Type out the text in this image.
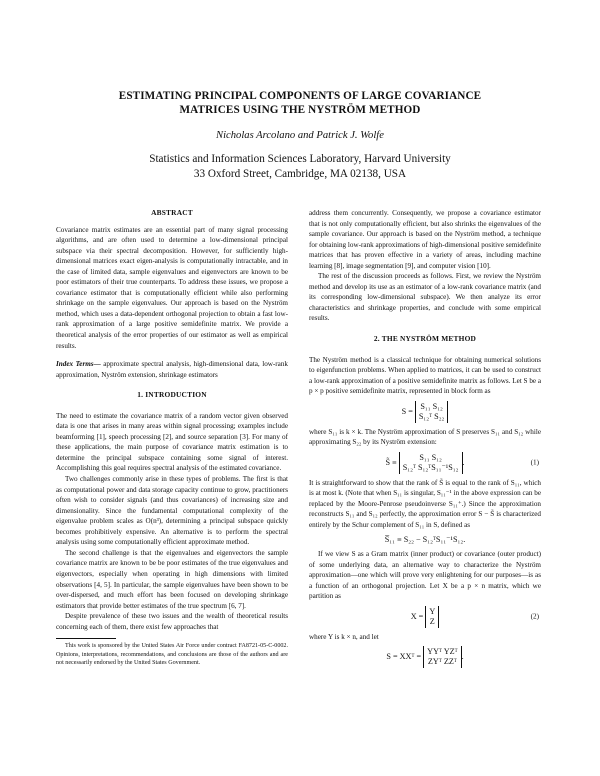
ESTIMATING PRINCIPAL COMPONENTS OF LARGE COVARIANCE
MATRICES USING THE NYSTRÖM METHOD
Nicholas Arcolano and Patrick J. Wolfe
Statistics and Information Sciences Laboratory, Harvard University
33 Oxford Street, Cambridge, MA 02138, USA
ABSTRACT

Covariance matrix estimates are an essential part of many signal processing algorithms, and are often used to determine a low-dimensional principal subspace via their spectral decomposition. However, for sufficiently high-dimensional matrices exact eigen-analysis is computationally intractable, and in the case of limited data, sample eigenvalues and eigenvectors are known to be poor estimators of their true counterparts. To address these issues, we propose a covariance estimator that is computationally efficient while also performing shrinkage on the sample eigenvalues. Our approach is based on the Nyström method, which uses a data-dependent orthogonal projection to obtain a fast low-rank approximation of a large positive semidefinite matrix. We provide a theoretical analysis of the error properties of our estimator as well as empirical results.

Index Terms— approximate spectral analysis, high-dimensional data, low-rank approximation, Nyström extension, shrinkage estimators

1. INTRODUCTION

The need to estimate the covariance matrix of a random vector given observed data is one that arises in many areas within signal processing; examples include beamforming [1], speech processing [2], and source separation [3]. For many of these applications, the main purpose of covariance matrix estimation is to determine the principal subspace containing some signal of interest. Accomplishing this goal requires spectral analysis of the estimated covariance.

Two challenges commonly arise in these types of problems. The first is that as computational power and data storage capacity continue to grow, practitioners often wish to consider signals (and thus covariances) of increasing size and dimensionality. Since the fundamental computational complexity of the eigenvalue problem scales as O(n³), determining a principal subspace quickly becomes prohibitively expensive. An alternative is to perform the spectral analysis using some computationally efficient approximate method.

The second challenge is that the eigenvalues and eigenvectors the sample covariance matrix are known to be be poor estimates of the true eigenvalues and eigenvectors, especially when operating in high dimensions with limited observations [4, 5]. In particular, the sample eigenvalues have been shown to be over-dispersed, and much effort has been focused on developing shrinkage estimators that provide better estimates of the true spectrum [6, 7].

Despite prevalence of these two issues and the wealth of theoretical results concerning each of them, there exist few approaches that

This work is sponsored by the United States Air Force under contract FA8721-05-C-0002. Opinions, interpretations, recommendations, and conclusions are those of the authors and are not necessarily endorsed by the United States Government.

address them concurrently. Consequently, we propose a covariance estimator that is not only computationally efficient, but also shrinks the eigenvalues of the sample covariance. Our approach is based on the Nyström method, a technique for obtaining low-rank approximations of high-dimensional positive semidefinite matrices that has proven effective in a variety of areas, including machine learning [8], image segmentation [9], and computer vision [10].

The rest of the discussion proceeds as follows. First, we review the Nyström method and develop its use as an estimator of a low-rank covariance matrix (and its corresponding low-dimensional subspace). We then analyze its error characteristics and shrinkage properties, and conclude with some empirical results.

2. THE NYSTRÖM METHOD

The Nyström method is a classical technique for obtaining numerical solutions to eigenfunction problems. When applied to matrices, it can be used to construct a low-rank approximation of a positive semidefinite matrix as follows. Let S be a p × p positive semidefinite matrix, represented in block form as

S =
S₁₁ S₁₂
S₁₂ᵀ S₂₂

where S₁₁ is k × k. The Nyström approximation of S preserves S₁₁ and S₁₂ while approximating S₂₂ by its Nyström extension:

S̃ ≡
S₁₁ S₁₂
S₁₂ᵀ S₁₂ᵀS₁₁⁻¹S₁₂
.	(1)

It is straightforward to show that the rank of S̃ is equal to the rank of S₁₁, which is at most k. (Note that when S₁₁ is singular, S₁₁⁻¹ in the above expression can be replaced by the Moore-Penrose pseudoinverse S₁₁⁺.) Since the approximation reconstructs S₁₁ and S₁₂ perfectly, the approximation error S − S̃ is characterized entirely by the Schur complement of S₁₁ in S, defined as

S̅₁₁ ≡ S₂₂ − S₁₂ᵀS₁₁⁻¹S₁₂.

If we view S as a Gram matrix (inner product) or covariance (outer product) of some underlying data, an alternative way to characterize the Nyström approximation—one which will prove very enlightening for our purposes—is as a function of an orthogonal projection. Let X be a p × n matrix, which we partition as

X =
Y
Z
(2)

where Y is k × n, and let

S = XXᵀ =
YYᵀ YZᵀ
ZYᵀ ZZᵀ
.
